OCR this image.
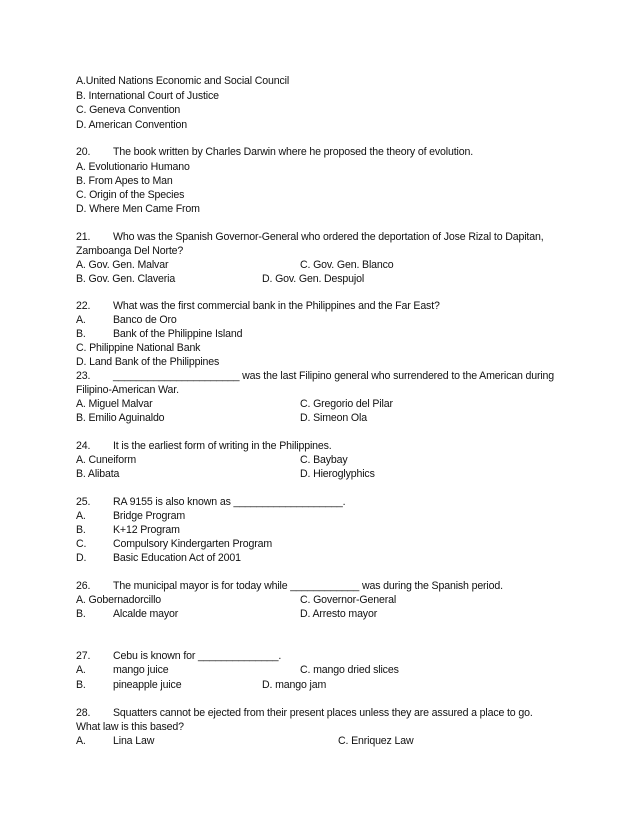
A.United Nations Economic and Social Council
B. International Court of Justice
C. Geneva Convention
D. American Convention
20. The book written by Charles Darwin where he proposed the theory of evolution.
A. Evolutionario Humano
B. From Apes to Man
C. Origin of the Species
D. Where Men Came From
21. Who was the Spanish Governor-General who ordered the deportation of Jose Rizal to Dapitan,
Zamboanga Del Norte?
A. Gov. Gen. Malvar	C. Gov. Gen. Blanco
B. Gov. Gen. Claveria	D. Gov. Gen. Despujol
22. What was the first commercial bank in the Philippines and the Far East?
A.	Banco de Oro
B.	Bank of the Philippine Island
C. Philippine National Bank
D. Land Bank of the Philippines
23. ______________________ was the last Filipino general who surrendered to the American during
Filipino-American War.
A. Miguel Malvar	C. Gregorio del Pilar
B. Emilio Aguinaldo	D. Simeon Ola
24. It is the earliest form of writing in the Philippines.
A. Cuneiform	C. Baybay
B. Alibata	D. Hieroglyphics
25. RA 9155 is also known as ___________________.
A.	Bridge Program
B.	K+12 Program
C.	Compulsory Kindergarten Program
D.	Basic Education Act of 2001
26. The municipal mayor is for today while ____________ was during the Spanish period.
A. Gobernadorcillo	C. Governor-General
B.	Alcalde mayor	D. Arresto mayor
27. Cebu is known for ______________.
A.	mango juice	C. mango dried slices
B.	pineapple juice	D. mango jam
28. Squatters cannot be ejected from their present places unless they are assured a place to go.
What law is this based?
A.	Lina Law	C. Enriquez Law
